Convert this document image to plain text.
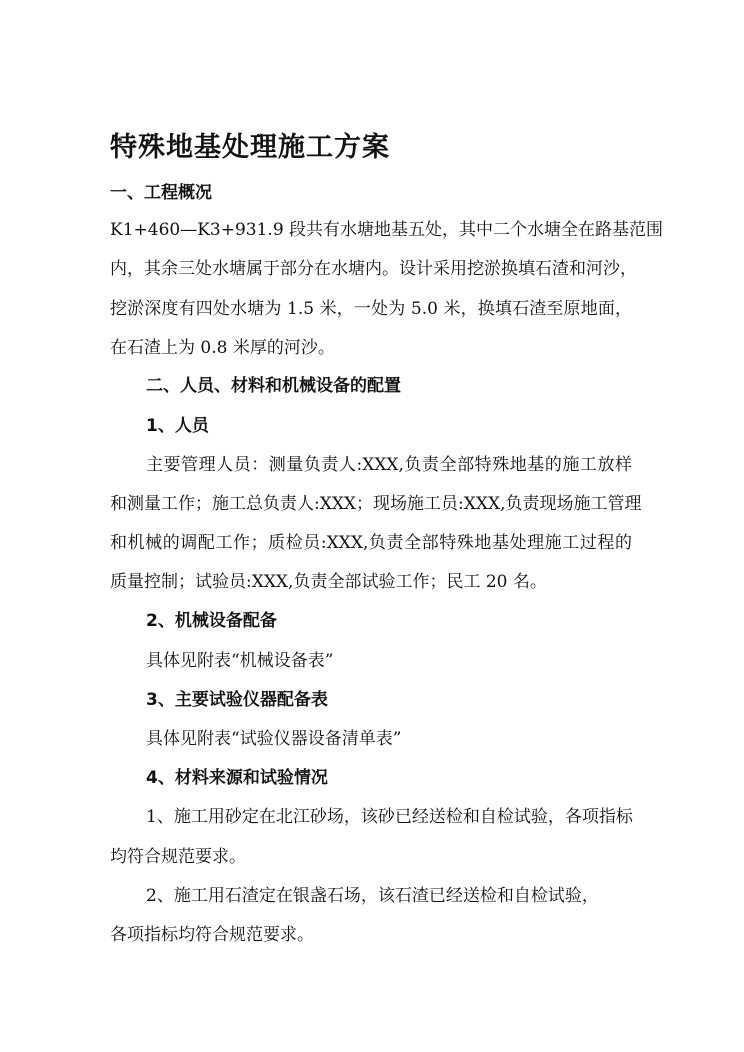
特殊地基处理施工方案
一、工程概况
K1+460—K3+931.9 段共有水塘地基五处，其中二个水塘全在路基范围
内，其余三处水塘属于部分在水塘内。设计采用挖淤换填石渣和河沙，
挖淤深度有四处水塘为 1.5 米，一处为 5.0 米，换填石渣至原地面，
在石渣上为 0.8 米厚的河沙。
二、人员、材料和机械设备的配置
1、人员
主要管理人员：测量负责人:XXX,负责全部特殊地基的施工放样
和测量工作；施工总负责人:XXX；现场施工员:XXX,负责现场施工管理
和机械的调配工作；质检员:XXX,负责全部特殊地基处理施工过程的
质量控制；试验员:XXX,负责全部试验工作；民工 20 名。
2、机械设备配备
具体见附表“机械设备表”
3、主要试验仪器配备表
具体见附表“试验仪器设备清单表”
4、材料来源和试验情况
1、施工用砂定在北江砂场，该砂已经送检和自检试验，各项指标
均符合规范要求。
2、施工用石渣定在银盏石场，该石渣已经送检和自检试验，
各项指标均符合规范要求。
